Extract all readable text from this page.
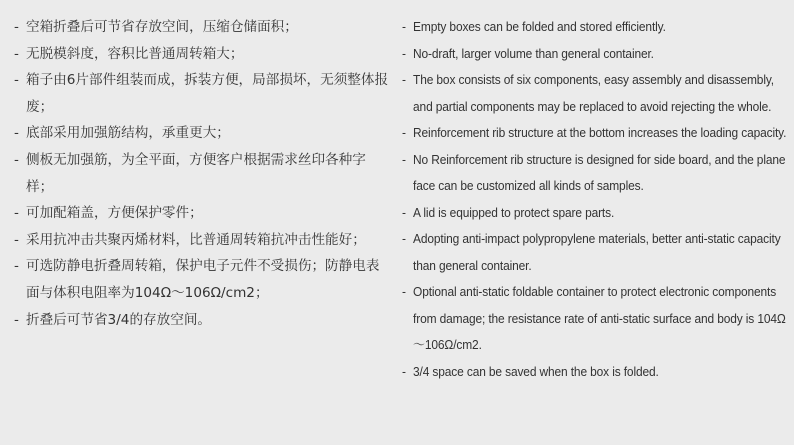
- 空箱折叠后可节省存放空间，压缩仓储面积；
- 无脱模斜度，容积比普通周转箱大；
- 箱子由6片部件组装而成，拆装方便，局部损坏，无须整体报废；
- 底部采用加强筋结构，承重更大；
- 侧板无加强筋，为全平面，方便客户根据需求丝印各种字样；
- 可加配箱盖，方便保护零件；
- 采用抗冲击共聚丙烯材料，比普通周转箱抗冲击性能好；
- 可选防静电折叠周转箱，保护电子元件不受损伤；防静电表面与体积电阻率为104Ω～106Ω/cm2；
- 折叠后可节省3/4的存放空间。
- Empty boxes can be folded and stored efficiently.
- No-draft, larger volume than general container.
- The box consists of six components, easy assembly and disassembly, and partial components may be replaced to avoid rejecting the whole.
- Reinforcement rib structure at the bottom increases the loading capacity.
- No Reinforcement rib structure is designed for side board, and the plane face can be customized all kinds of samples.
- A lid is equipped to protect spare parts.
- Adopting anti-impact polypropylene materials, better anti-static capacity than general container.
- Optional anti-static foldable container to protect electronic components from damage; the resistance rate of anti-static surface and body is 104Ω～106Ω/cm2.
- 3/4 space can be saved when the box is folded.
